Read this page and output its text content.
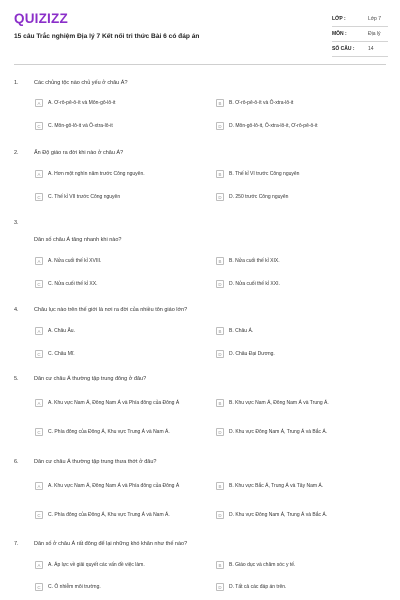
QUIZIZZ
15 câu Trắc nghiệm Địa lý 7 Kết nối tri thức Bài 6 có đáp án
LỚP :	Lớp 7
MÔN :	Địa lý
SỐ CÂU :	14
1.	Các chủng tộc nào chủ yếu ở châu Á?
A	A. Ơ-rô-pê-ô-ít và Môn-gô-lô-it	B	B. Ơ-rô-pê-ô-ít và Ô-xtra-lô-it
C	C. Môn-gô-lô-it và Ô-xtra-lô-it	D	D. Môn-gô-lô-it, Ô-xtra-lô-it, Ơ-rô-pê-ô-it
2.	Ấn Độ giáo ra đời khi nào ở châu Á?
A	A. Hơn một nghìn năm trước Công nguyên.	B	B. Thế kỉ VI trước Công nguyên
C	C. Thế kỉ VII trước Công nguyên	D	D. 250 trước Công nguyên
3.
Dân số châu Á tăng nhanh khi nào?
A	A. Nửa cuối thế kỉ XVIII.	B	B. Nửa cuối thế kỉ XIX.
C	C. Nửa cuối thế kỉ XX.	D	D. Nửa cuối thế kỉ XXI.
4.	Châu lục nào trên thế giới là nơi ra đời của nhiều tôn giáo lớn?
A	A. Châu Âu.	B	B. Châu Á.
C	C. Châu Mĩ.	D	D. Châu Đại Dương.
5.	Dân cư châu Á thường tập trung đông ở đâu?
A	A. Khu vực Nam Á, Đông Nam Á và Phía đông của Đông Á	B	B. Khu vực Nam Á, Đông Nam Á và Trung Á.
C	C. Phía đông của Đông Á, Khu vực Trung Á và Nam Á.	D	D. Khu vực Đông Nam Á, Trung Á và Bắc Á.
6.	Dân cư châu Á thường tập trung thưa thớt ở đâu?
A	A. Khu vực Nam Á, Đông Nam Á và Phía đông của Đông Á	B	B. Khu vực Bắc Á, Trung Á và Tây Nam Á.
C	C. Phía đông của Đông Á, Khu vực Trung Á và Nam Á.	D	D. Khu vực Đông Nam Á, Trung Á và Bắc Á.
7.	Dân số ở châu Á rất đông để lại những khó khăn như thế nào?
A	A. Áp lực về giải quyết các vấn đề việc làm.	B	B. Giáo dục và chăm sóc y tế.
C	C. Ô nhiễm môi trường.	D	D. Tất cả các đáp án trên.
